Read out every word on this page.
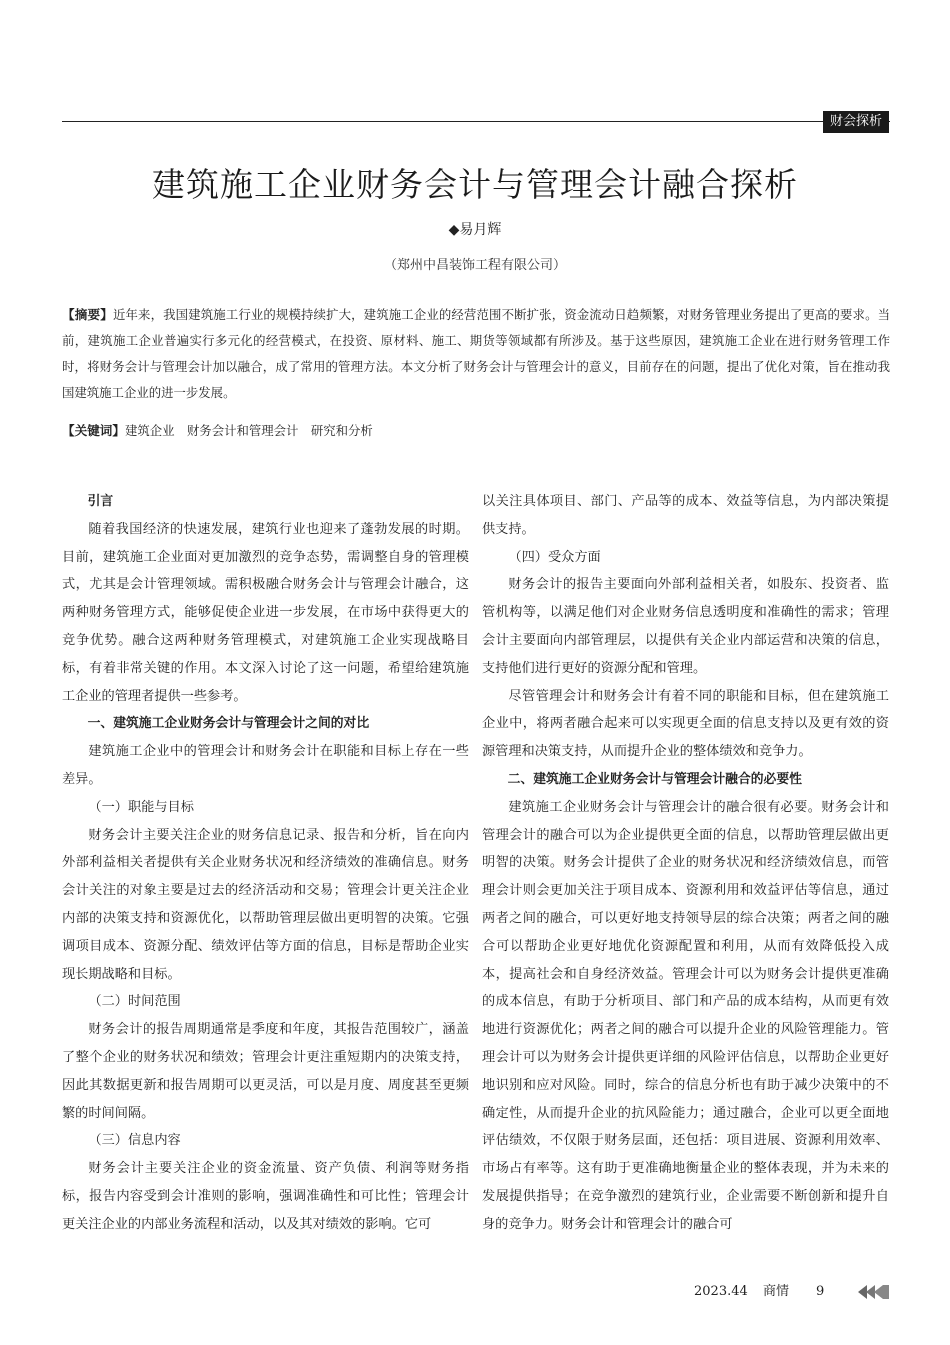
财会探析
建筑施工企业财务会计与管理会计融合探析
◆易月辉
（郑州中昌装饰工程有限公司）

【摘要】近年来，我国建筑施工行业的规模持续扩大，建筑施工企业的经营范围不断扩张，资金流动日趋频繁，对财务管理业务提出了更高的要求。当前，建筑施工企业普遍实行多元化的经营模式，在投资、原材料、施工、期货等领域都有所涉及。基于这些原因，建筑施工企业在进行财务管理工作时，将财务会计与管理会计加以融合，成了常用的管理方法。本文分析了财务会计与管理会计的意义，目前存在的问题，提出了优化对策，旨在推动我国建筑施工企业的进一步发展。

【关键词】建筑企业　财务会计和管理会计　研究和分析

引言

随着我国经济的快速发展，建筑行业也迎来了蓬勃发展的时期。目前，建筑施工企业面对更加激烈的竞争态势，需调整自身的管理模式，尤其是会计管理领域。需积极融合财务会计与管理会计融合，这两种财务管理方式，能够促使企业进一步发展，在市场中获得更大的竞争优势。融合这两种财务管理模式，对建筑施工企业实现战略目标，有着非常关键的作用。本文深入讨论了这一问题，希望给建筑施工企业的管理者提供一些参考。

一、建筑施工企业财务会计与管理会计之间的对比

建筑施工企业中的管理会计和财务会计在职能和目标上存在一些差异。

（一）职能与目标

财务会计主要关注企业的财务信息记录、报告和分析，旨在向内外部利益相关者提供有关企业财务状况和经济绩效的准确信息。财务会计关注的对象主要是过去的经济活动和交易；管理会计更关注企业内部的决策支持和资源优化，以帮助管理层做出更明智的决策。它强调项目成本、资源分配、绩效评估等方面的信息，目标是帮助企业实现长期战略和目标。

（二）时间范围

财务会计的报告周期通常是季度和年度，其报告范围较广，涵盖了整个企业的财务状况和绩效；管理会计更注重短期内的决策支持，因此其数据更新和报告周期可以更灵活，可以是月度、周度甚至更频繁的时间间隔。

（三）信息内容

财务会计主要关注企业的资金流量、资产负债、利润等财务指标，报告内容受到会计准则的影响，强调准确性和可比性；管理会计更关注企业的内部业务流程和活动，以及其对绩效的影响。它可

以关注具体项目、部门、产品等的成本、效益等信息，为内部决策提供支持。

（四）受众方面

财务会计的报告主要面向外部利益相关者，如股东、投资者、监管机构等，以满足他们对企业财务信息透明度和准确性的需求；管理会计主要面向内部管理层，以提供有关企业内部运营和决策的信息，支持他们进行更好的资源分配和管理。

尽管管理会计和财务会计有着不同的职能和目标，但在建筑施工企业中，将两者融合起来可以实现更全面的信息支持以及更有效的资源管理和决策支持，从而提升企业的整体绩效和竞争力。

二、建筑施工企业财务会计与管理会计融合的必要性

建筑施工企业财务会计与管理会计的融合很有必要。财务会计和管理会计的融合可以为企业提供更全面的信息，以帮助管理层做出更明智的决策。财务会计提供了企业的财务状况和经济绩效信息，而管理会计则会更加关注于项目成本、资源利用和效益评估等信息，通过两者之间的融合，可以更好地支持领导层的综合决策；两者之间的融合可以帮助企业更好地优化资源配置和利用，从而有效降低投入成本，提高社会和自身经济效益。管理会计可以为财务会计提供更准确的成本信息，有助于分析项目、部门和产品的成本结构，从而更有效地进行资源优化；两者之间的融合可以提升企业的风险管理能力。管理会计可以为财务会计提供更详细的风险评估信息，以帮助企业更好地识别和应对风险。同时，综合的信息分析也有助于减少决策中的不确定性，从而提升企业的抗风险能力；通过融合，企业可以更全面地评估绩效，不仅限于财务层面，还包括：项目进展、资源利用效率、市场占有率等。这有助于更准确地衡量企业的整体表现，并为未来的发展提供指导；在竞争激烈的建筑行业，企业需要不断创新和提升自身的竞争力。财务会计和管理会计的融合可

2023.44 商情 9
